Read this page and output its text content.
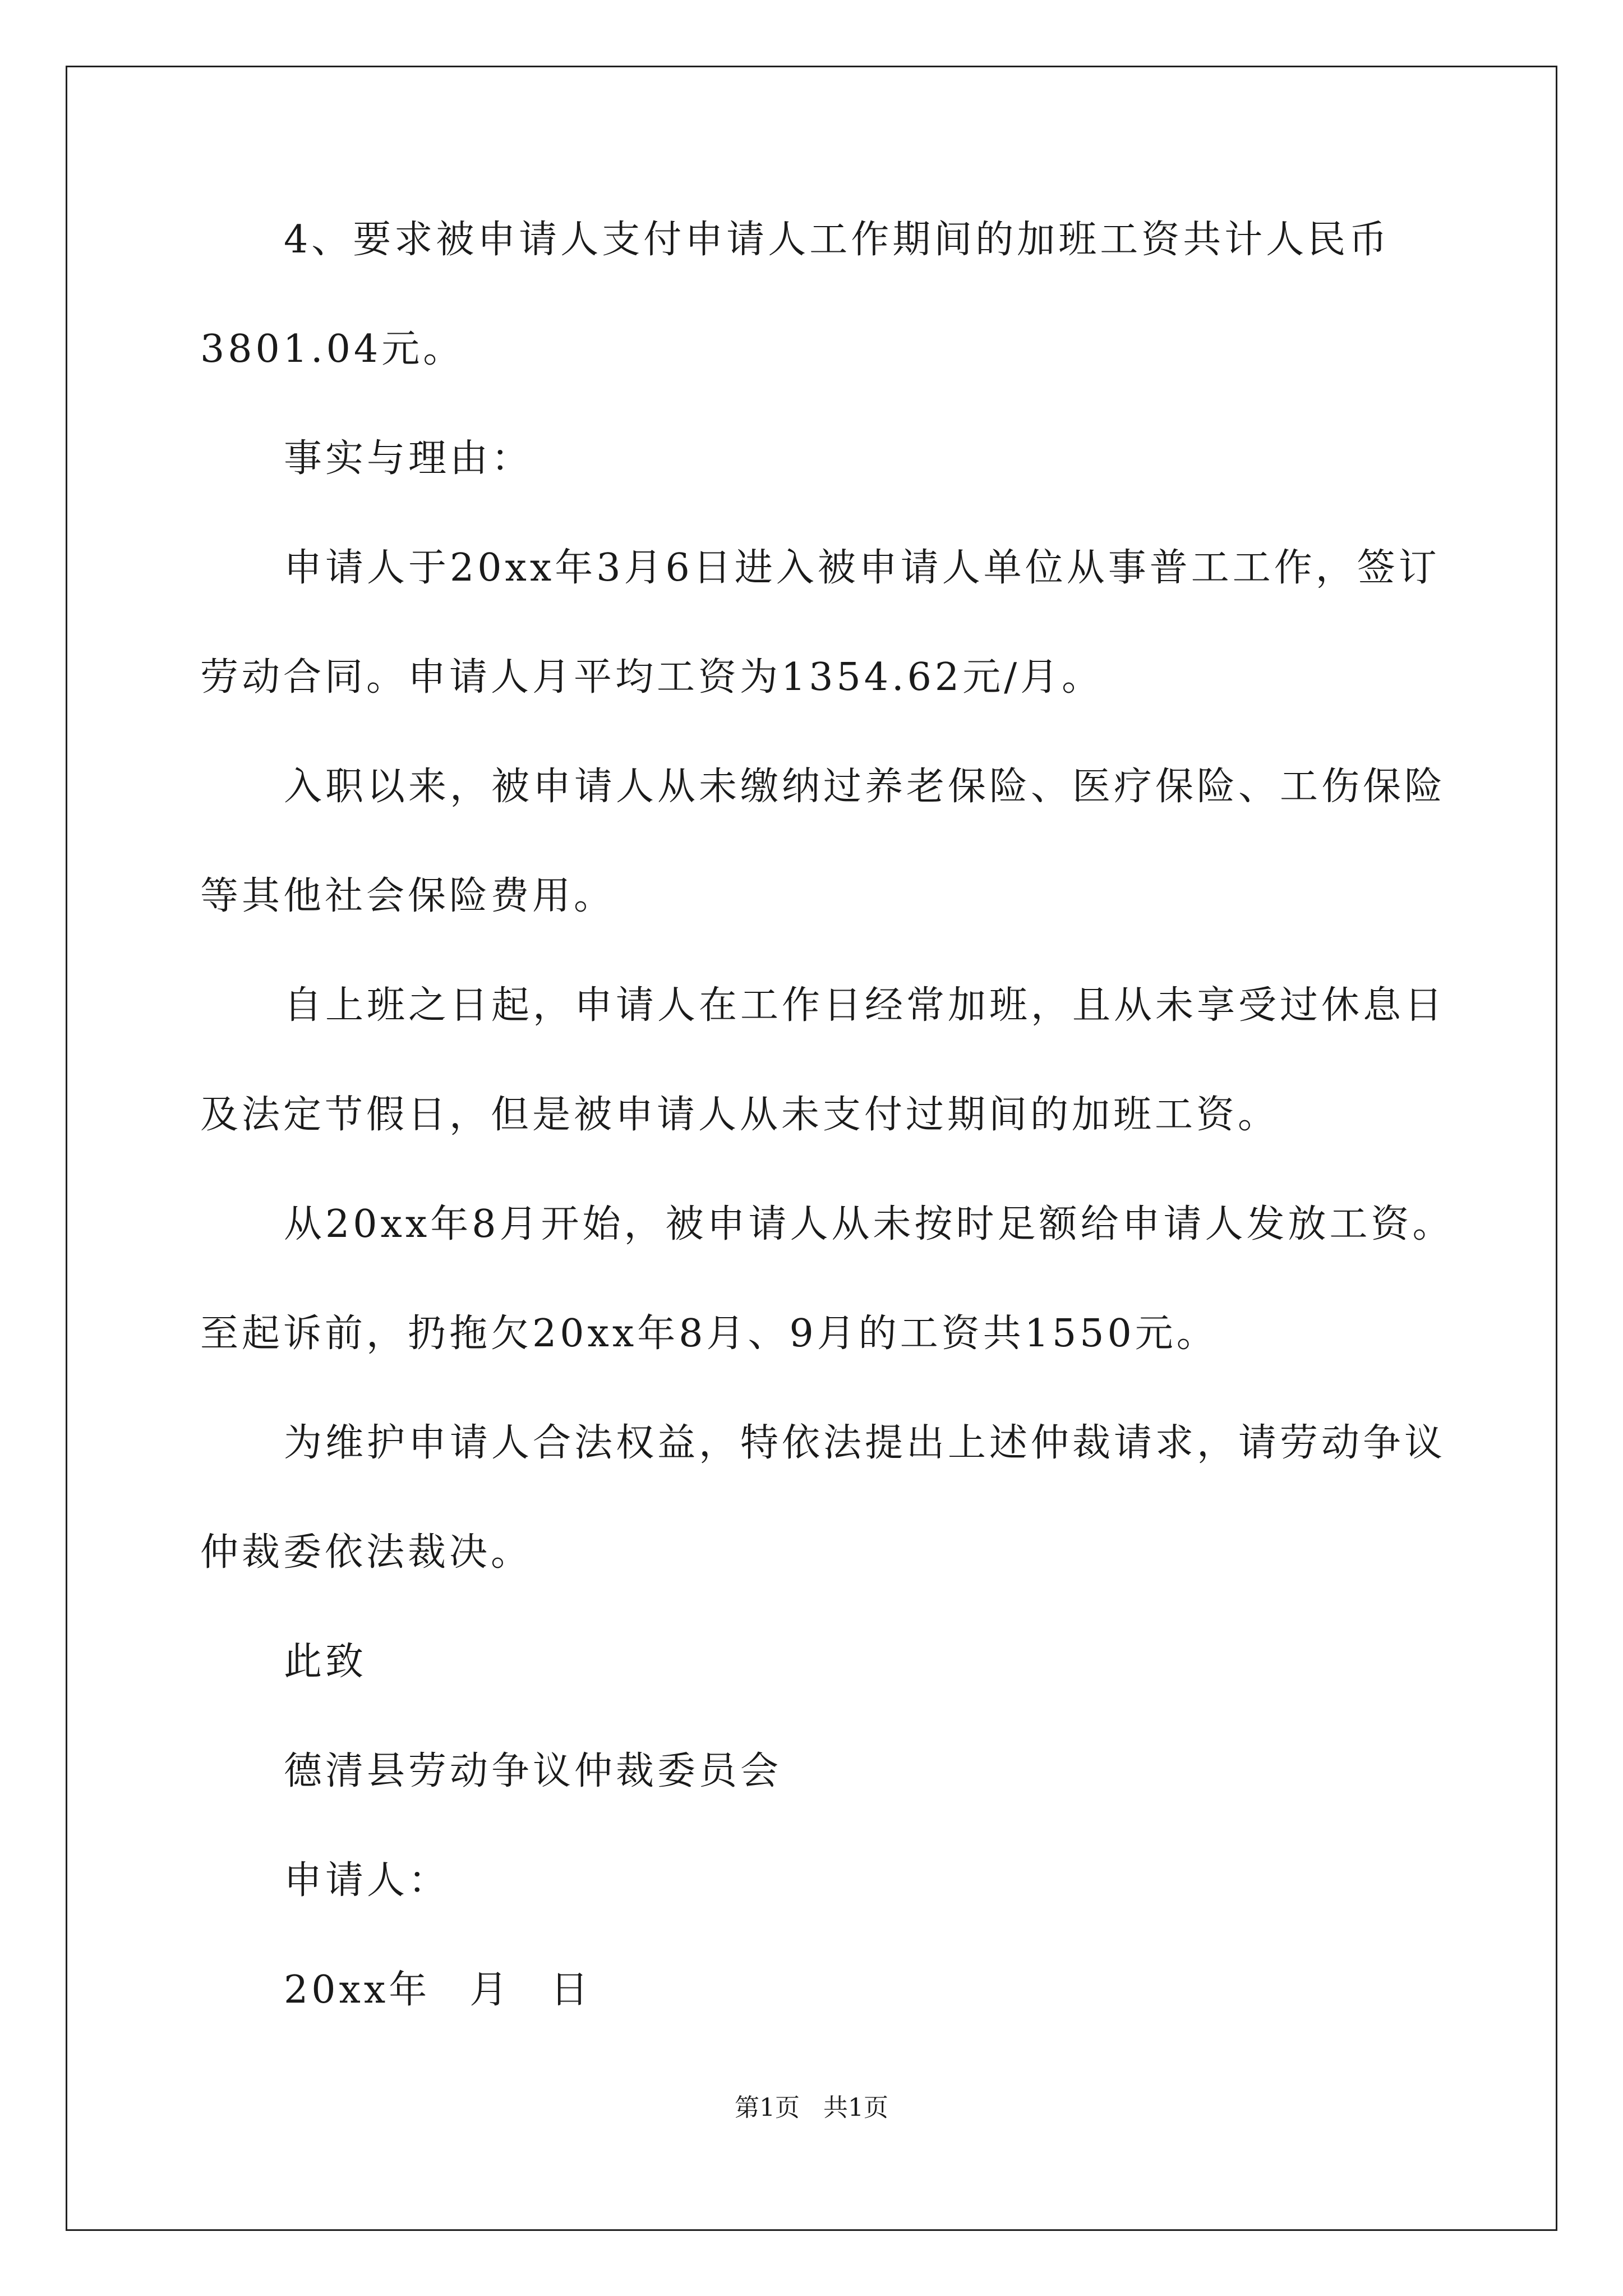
4、要求被申请人支付申请人工作期间的加班工资共计人民币
3801.04元。
事实与理由：
申请人于20xx年3月6日进入被申请人单位从事普工工作，签订
劳动合同。申请人月平均工资为1354.62元/月。
入职以来，被申请人从未缴纳过养老保险、医疗保险、工伤保险
等其他社会保险费用。
自上班之日起，申请人在工作日经常加班，且从未享受过休息日
及法定节假日，但是被申请人从未支付过期间的加班工资。
从20xx年8月开始，被申请人从未按时足额给申请人发放工资。
至起诉前，扔拖欠20xx年8月、9月的工资共1550元。
为维护申请人合法权益，特依法提出上述仲裁请求，请劳动争议
仲裁委依法裁决。
此致
德清县劳动争议仲裁委员会
申请人：
20xx年 月 日
第1页   共1页
